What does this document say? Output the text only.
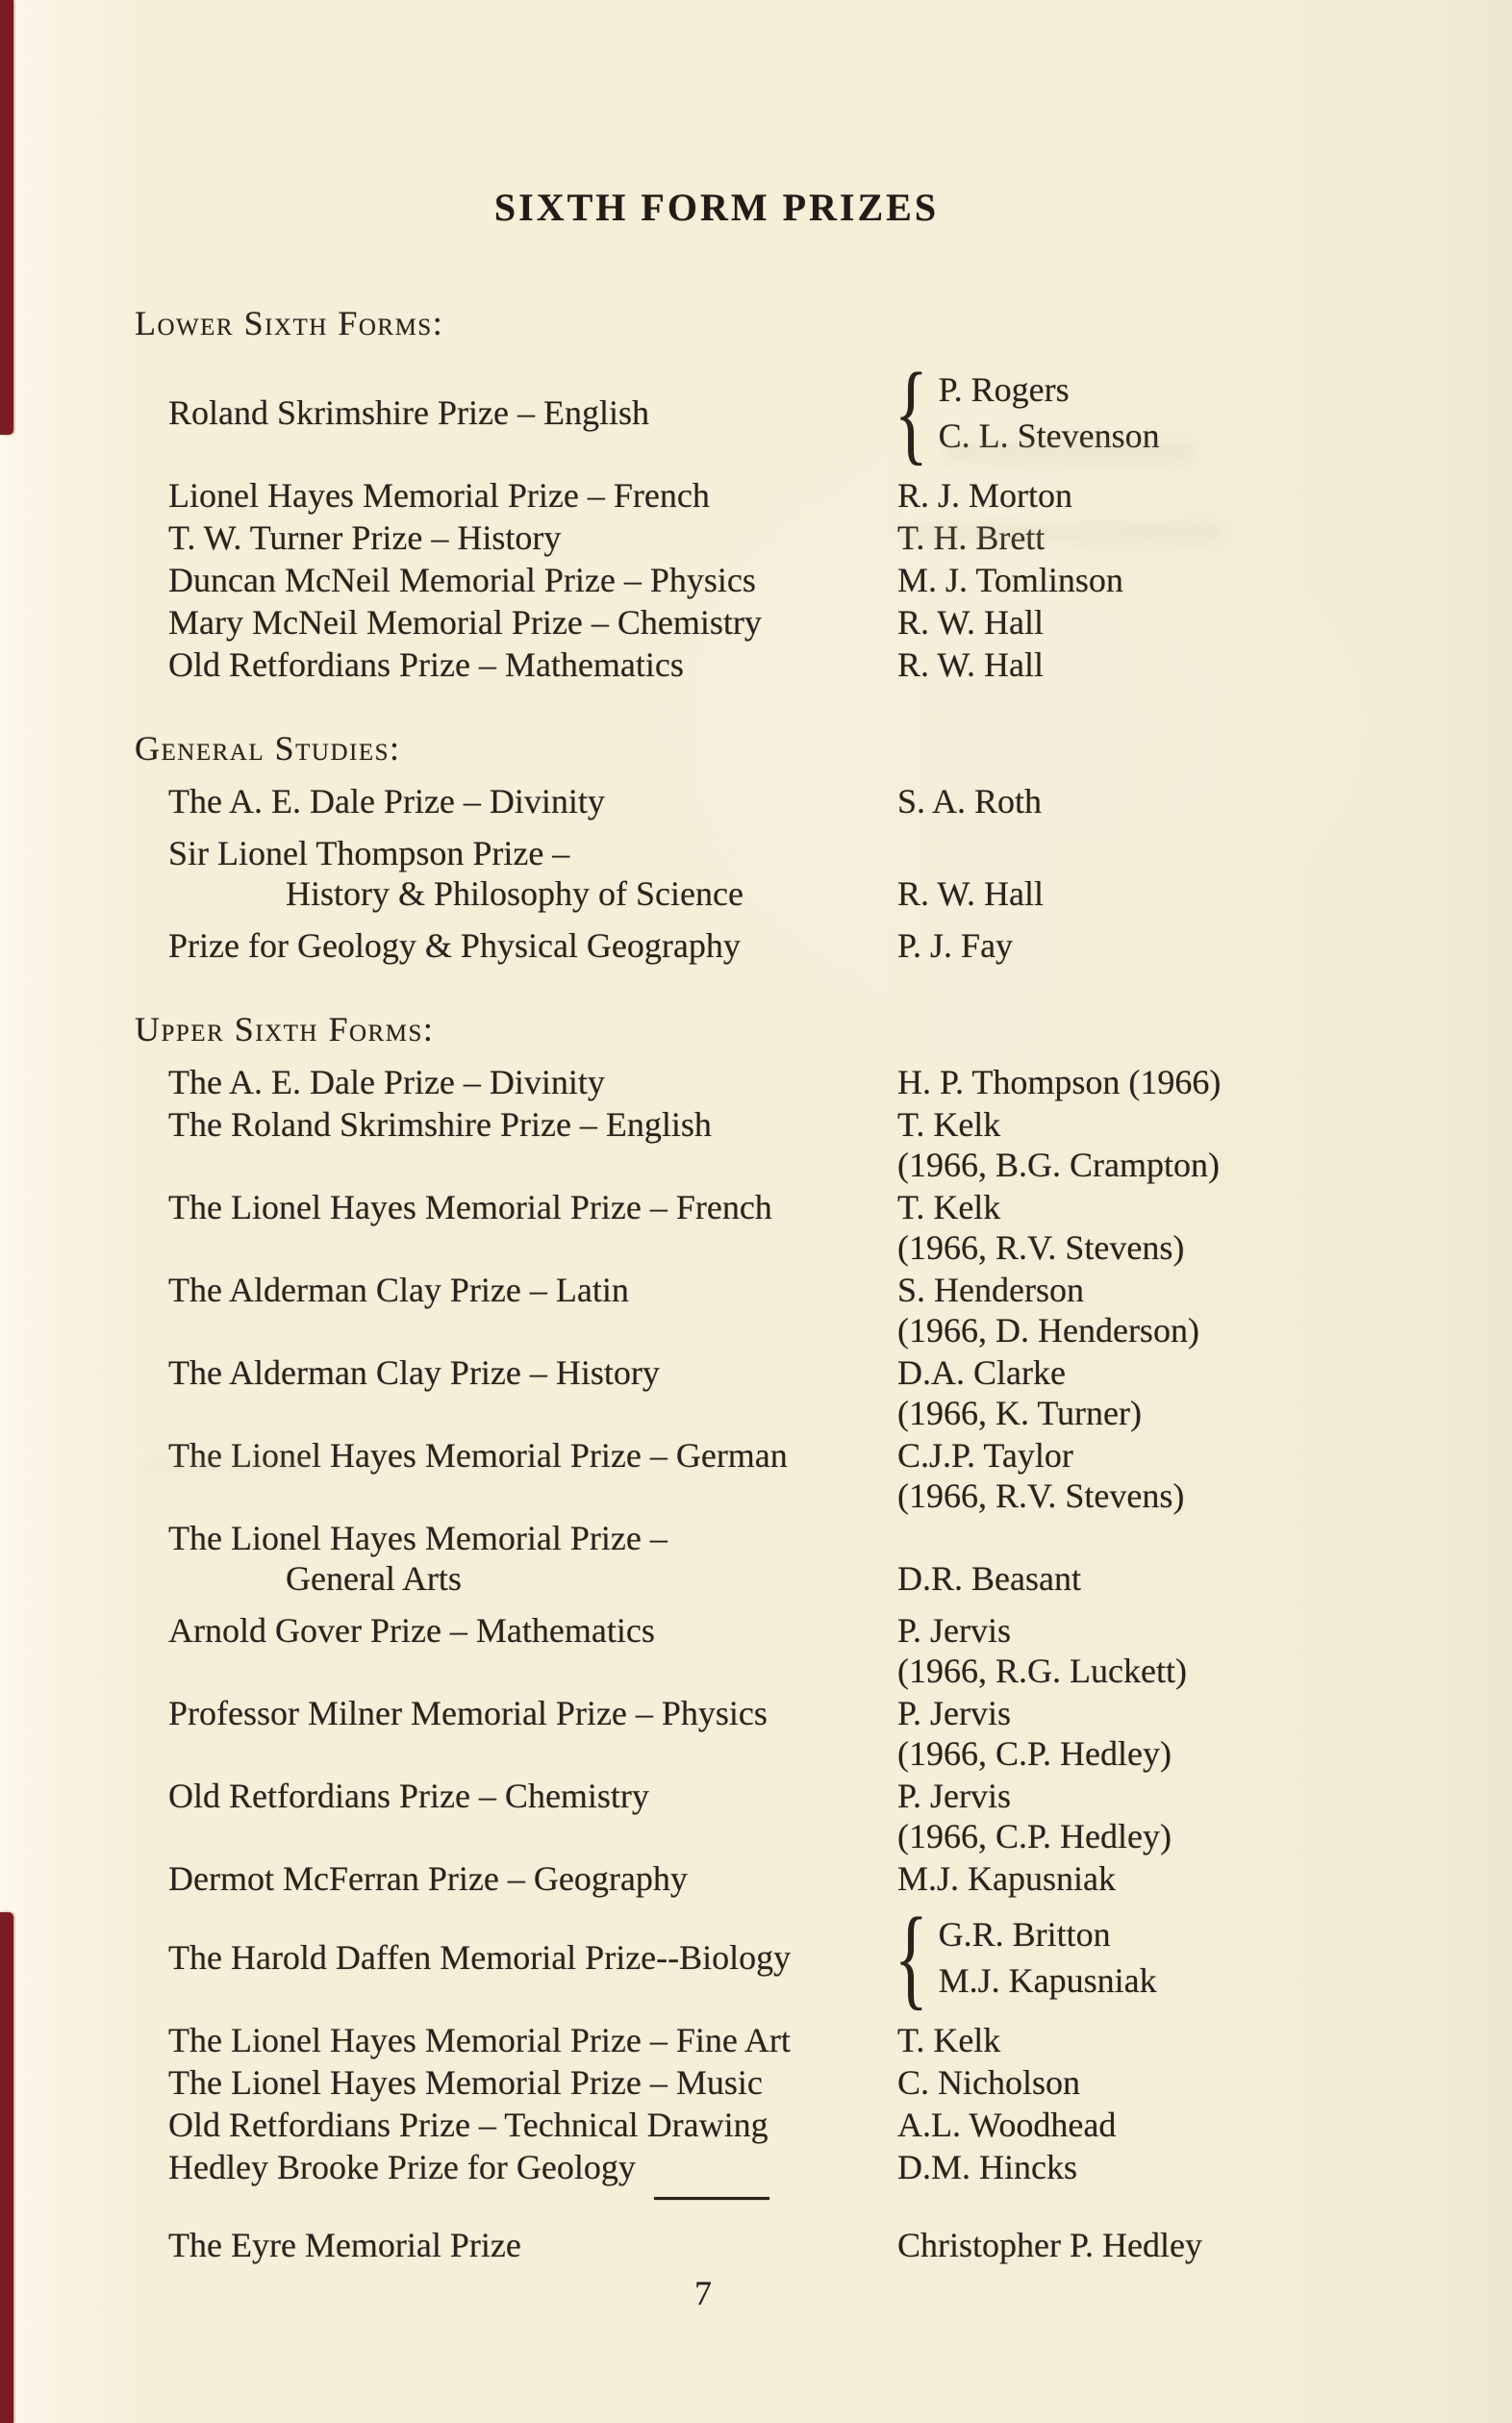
SIXTH FORM PRIZES
Lower Sixth Forms:
Roland Skrimshire Prize – English	{ P. Rogers
C. L. Stevenson
Lionel Hayes Memorial Prize – French	R. J. Morton
T. W. Turner Prize – History	T. H. Brett
Duncan McNeil Memorial Prize – Physics	M. J. Tomlinson
Mary McNeil Memorial Prize – Chemistry	R. W. Hall
Old Retfordians Prize – Mathematics	R. W. Hall
General Studies:
The A. E. Dale Prize – Divinity	S. A. Roth
Sir Lionel Thompson Prize –
History & Philosophy of Science	R. W. Hall
Prize for Geology & Physical Geography	P. J. Fay
Upper Sixth Forms:
The A. E. Dale Prize – Divinity	H. P. Thompson (1966)
The Roland Skrimshire Prize – English	T. Kelk
(1966, B.G. Crampton)
The Lionel Hayes Memorial Prize – French	T. Kelk
(1966, R.V. Stevens)
The Alderman Clay Prize – Latin	S. Henderson
(1966, D. Henderson)
The Alderman Clay Prize – History	D.A. Clarke
(1966, K. Turner)
The Lionel Hayes Memorial Prize – German	C.J.P. Taylor
(1966, R.V. Stevens)
The Lionel Hayes Memorial Prize –
General Arts	D.R. Beasant
Arnold Gover Prize – Mathematics	P. Jervis
(1966, R.G. Luckett)
Professor Milner Memorial Prize – Physics	P. Jervis
(1966, C.P. Hedley)
Old Retfordians Prize – Chemistry	P. Jervis
(1966, C.P. Hedley)
Dermot McFerran Prize – Geography	M.J. Kapusniak
The Harold Daffen Memorial Prize--Biology { G.R. Britton
M.J. Kapusniak
The Lionel Hayes Memorial Prize – Fine Art	T. Kelk
The Lionel Hayes Memorial Prize – Music	C. Nicholson
Old Retfordians Prize – Technical Drawing	A.L. Woodhead
Hedley Brooke Prize for Geology	D.M. Hincks
The Eyre Memorial Prize	Christopher P. Hedley
7
